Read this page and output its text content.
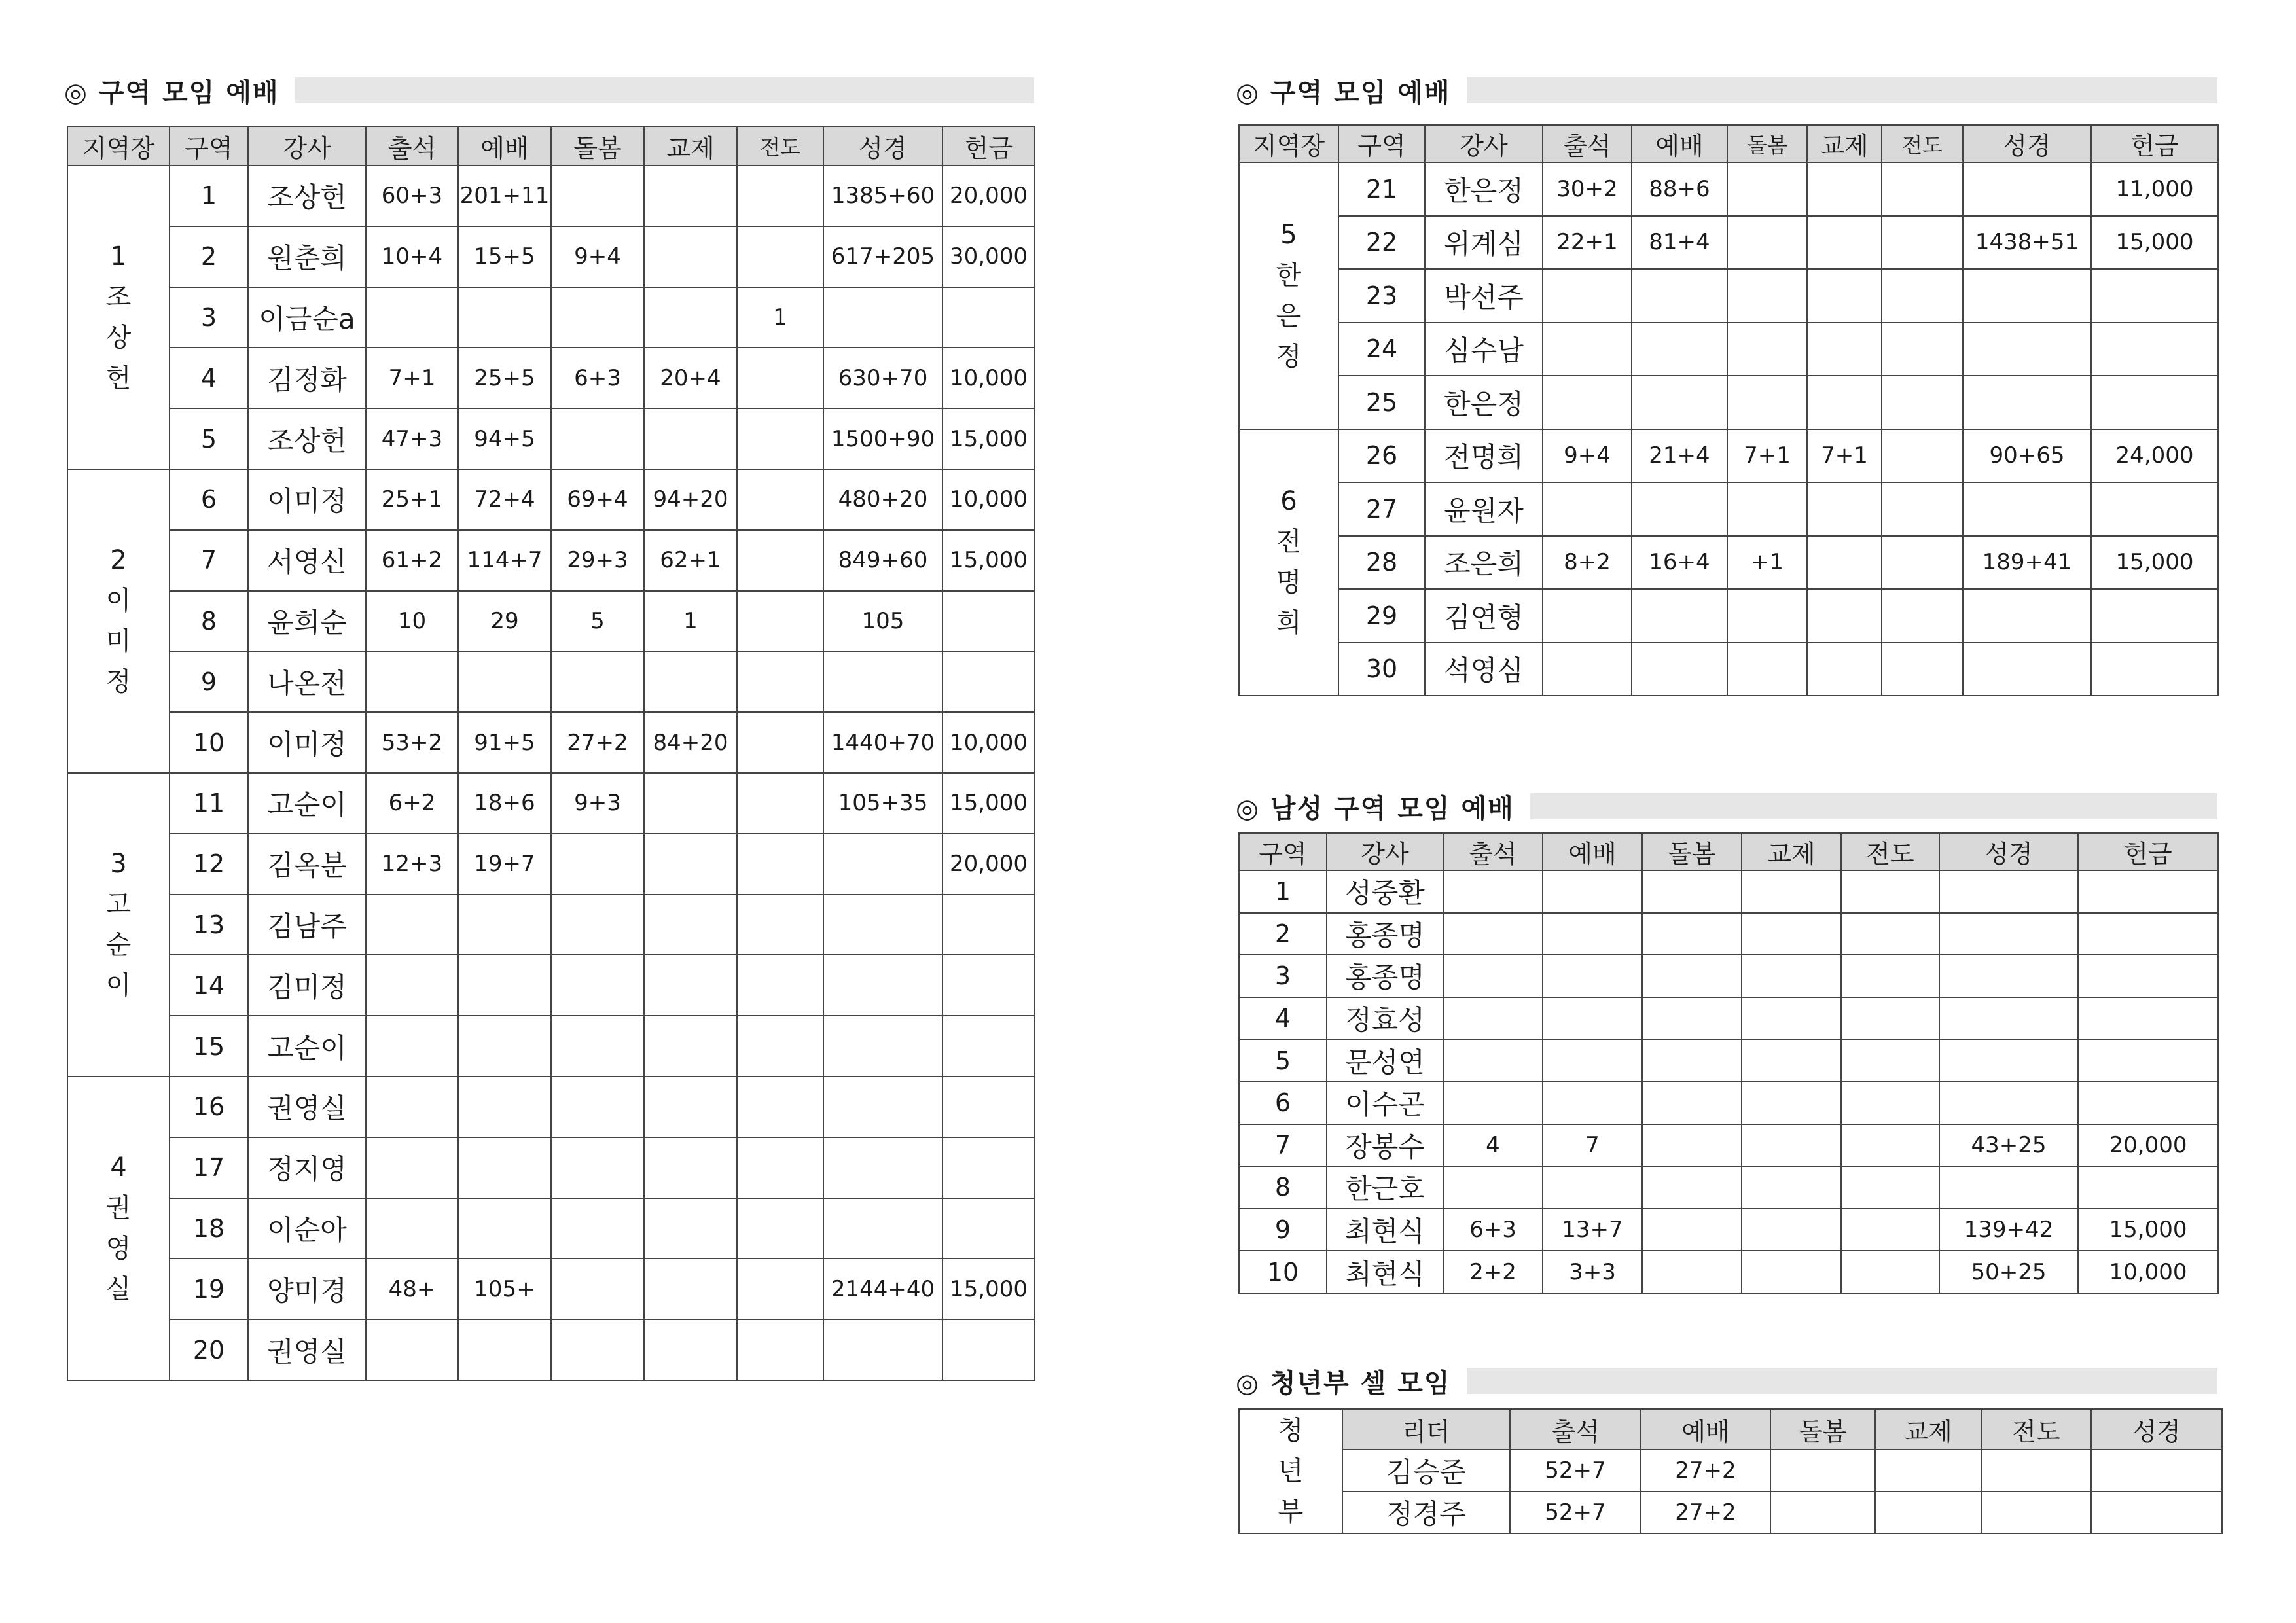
◎ 구역 모임 예배
지역장	구역	강사	출석	예배	돌봄	교제	전도	성경	헌금

1
조
상
헌	1	조상헌	60+3	201+11				1385+60	20,000
	2	원춘희	10+4	15+5	9+4			617+205	30,000
	3	이금순a					1		
	4	김정화	7+1	25+5	6+3	20+4		630+70	10,000
	5	조상헌	47+3	94+5				1500+90	15,000

2
이
미
정	6	이미정	25+1	72+4	69+4	94+20		480+20	10,000
	7	서영신	61+2	114+7	29+3	62+1		849+60	15,000
	8	윤희순	10	29	5	1		105	
	9	나온전							
	10	이미정	53+2	91+5	27+2	84+20		1440+70	10,000

3
고
순
이	11	고순이	6+2	18+6	9+3			105+35	15,000
	12	김옥분	12+3	19+7					20,000
	13	김남주							
	14	김미정							
	15	고순이							

4
권
영
실	16	권영실							
	17	정지영							
	18	이순아							
	19	양미경	48+	105+				2144+40	15,000
	20	권영실							
◎ 구역 모임 예배
지역장	구역	강사	출석	예배	돌봄	교제	전도	성경	헌금

5
한
은
정	21	한은정	30+2	88+6					11,000
	22	위계심	22+1	81+4				1438+51	15,000
	23	박선주							
	24	심수남							
	25	한은정							

6
전
명
희	26	전명희	9+4	21+4	7+1	7+1		90+65	24,000
	27	윤원자							
	28	조은희	8+2	16+4	+1			189+41	15,000
	29	김연형							
	30	석영심							
◎ 남성 구역 모임 예배
구역	강사	출석	예배	돌봄	교제	전도	성경	헌금
1	성중환							
2	홍종명							
3	홍종명							
4	정효성							
5	문성연							
6	이수곤							
7	장봉수	4	7				43+25	20,000
8	한근호							
9	최현식	6+3	13+7				139+42	15,000
10	최현식	2+2	3+3				50+25	10,000
◎ 청년부 셀 모임
청
년
부	리더	출석	예배	돌봄	교제	전도	성경
	김승준	52+7	27+2				
	정경주	52+7	27+2				
